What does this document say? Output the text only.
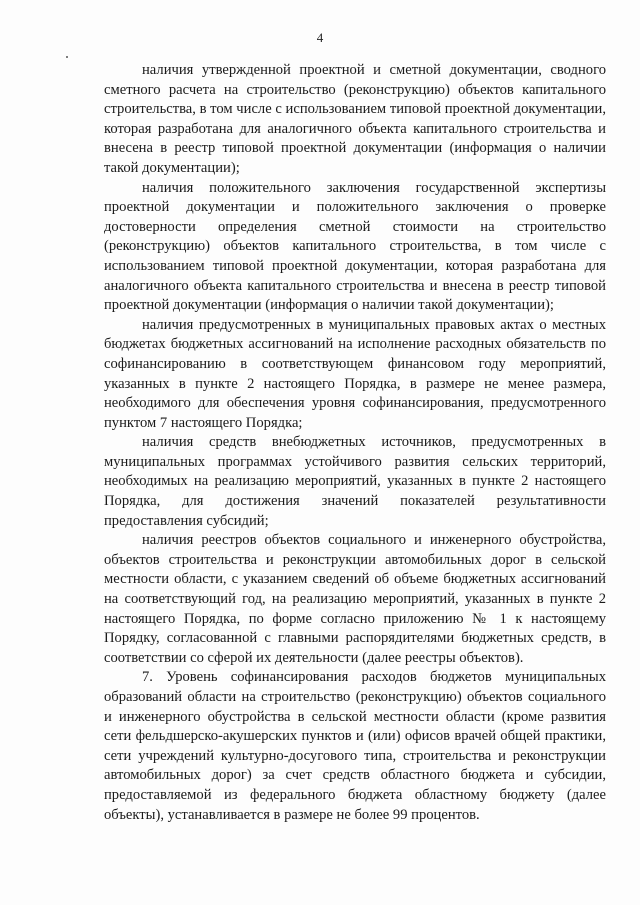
4

наличия утвержденной проектной и сметной документации, сводного сметного расчета на строительство (реконструкцию) объектов капитального строительства, в том числе с использованием типовой проектной документации, которая разработана для аналогичного объекта капитального строительства и внесена в реестр типовой проектной документации (информация о наличии такой документации);

наличия положительного заключения государственной экспертизы проектной документации и положительного заключения о проверке достоверности определения сметной стоимости на строительство (реконструкцию) объектов капитального строительства, в том числе с использованием типовой проектной документации, которая разработана для аналогичного объекта капитального строительства и внесена в реестр типовой проектной документации (информация о наличии такой документации);

наличия предусмотренных в муниципальных правовых актах о местных бюджетах бюджетных ассигнований на исполнение расходных обязательств по софинансированию в соответствующем финансовом году мероприятий, указанных в пункте 2 настоящего Порядка, в размере не менее размера, необходимого для обеспечения уровня софинансирования, предусмотренного пунктом 7 настоящего Порядка;

наличия средств внебюджетных источников, предусмотренных в муниципальных программах устойчивого развития сельских территорий, необходимых на реализацию мероприятий, указанных в пункте 2 настоящего Порядка, для достижения значений показателей результативности предоставления субсидий;

наличия реестров объектов социального и инженерного обустройства, объектов строительства и реконструкции автомобильных дорог в сельской местности области, с указанием сведений об объеме бюджетных ассигнований на соответствующий год, на реализацию мероприятий, указанных в пункте 2 настоящего Порядка, по форме согласно приложению № 1 к настоящему Порядку, согласованной с главными распорядителями бюджетных средств, в соответствии со сферой их деятельности (далее реестры объектов).

7. Уровень софинансирования расходов бюджетов муниципальных образований области на строительство (реконструкцию) объектов социального и инженерного обустройства в сельской местности области (кроме развития сети фельдшерско-акушерских пунктов и (или) офисов врачей общей практики, сети учреждений культурно-досугового типа, строительства и реконструкции автомобильных дорог) за счет средств областного бюджета и субсидии, предоставляемой из федерального бюджета областному бюджету (далее объекты), устанавливается в размере не более 99 процентов.
